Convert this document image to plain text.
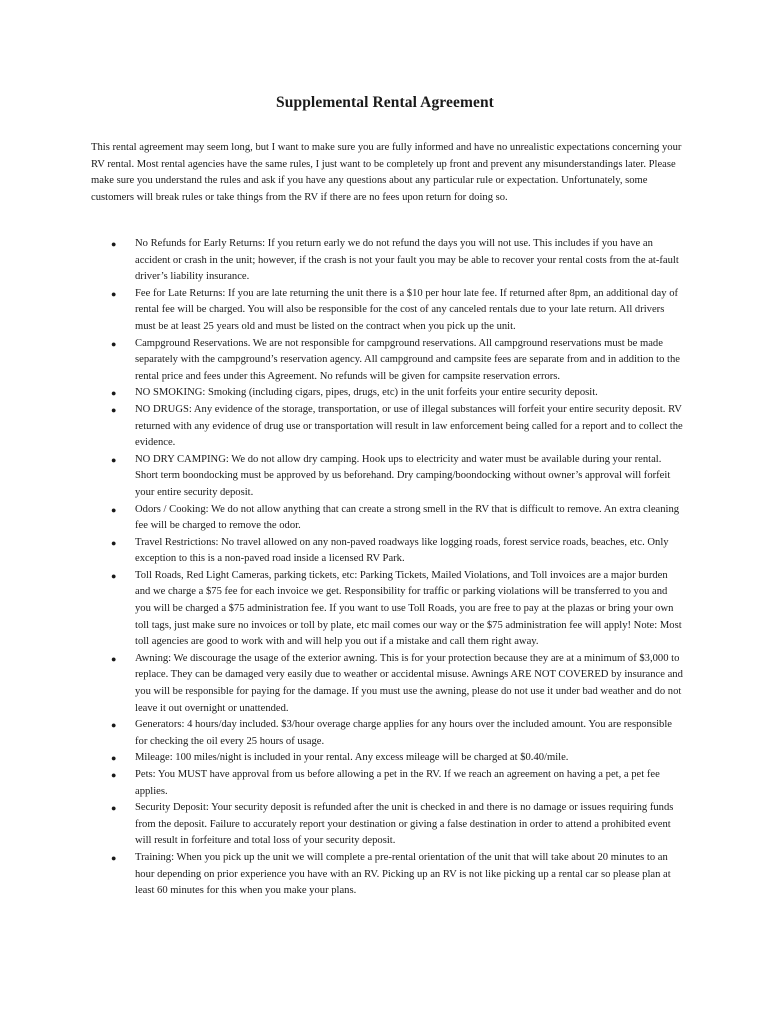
Supplemental Rental Agreement

This rental agreement may seem long, but I want to make sure you are fully informed and have no unrealistic expectations concerning your RV rental. Most rental agencies have the same rules, I just want to be completely up front and prevent any misunderstandings later. Please make sure you understand the rules and ask if you have any questions about any particular rule or expectation. Unfortunately, some customers will break rules or take things from the RV if there are no fees upon return for doing so.

●	No Refunds for Early Returns: If you return early we do not refund the days you will not use. This includes if you have an accident or crash in the unit; however, if the crash is not your fault you may be able to recover your rental costs from the at-fault driver’s liability insurance.
●	Fee for Late Returns: If you are late returning the unit there is a $10 per hour late fee. If returned after 8pm, an additional day of rental fee will be charged. You will also be responsible for the cost of any canceled rentals due to your late return. All drivers must be at least 25 years old and must be listed on the contract when you pick up the unit.
●	Campground Reservations. We are not responsible for campground reservations. All campground reservations must be made separately with the campground’s reservation agency. All campground and campsite fees are separate from and in addition to the rental price and fees under this Agreement. No refunds will be given for campsite reservation errors.
●	NO SMOKING: Smoking (including cigars, pipes, drugs, etc) in the unit forfeits your entire security deposit.
●	NO DRUGS: Any evidence of the storage, transportation, or use of illegal substances will forfeit your entire security deposit. RV returned with any evidence of drug use or transportation will result in law enforcement being called for a report and to collect the evidence.
●	NO DRY CAMPING: We do not allow dry camping. Hook ups to electricity and water must be available during your rental. Short term boondocking must be approved by us beforehand. Dry camping/boondocking without owner’s approval will forfeit your entire security deposit.
●	Odors / Cooking: We do not allow anything that can create a strong smell in the RV that is difficult to remove. An extra cleaning fee will be charged to remove the odor.
●	Travel Restrictions: No travel allowed on any non-paved roadways like logging roads, forest service roads, beaches, etc. Only exception to this is a non-paved road inside a licensed RV Park.
●	Toll Roads, Red Light Cameras, parking tickets, etc: Parking Tickets, Mailed Violations, and Toll invoices are a major burden and we charge a $75 fee for each invoice we get. Responsibility for traffic or parking violations will be transferred to you and you will be charged a $75 administration fee. If you want to use Toll Roads, you are free to pay at the plazas or bring your own toll tags, just make sure no invoices or toll by plate, etc mail comes our way or the $75 administration fee will apply! Note: Most toll agencies are good to work with and will help you out if a mistake and call them right away.
●	Awning: We discourage the usage of the exterior awning. This is for your protection because they are at a minimum of $3,000 to replace. They can be damaged very easily due to weather or accidental misuse. Awnings ARE NOT COVERED by insurance and you will be responsible for paying for the damage. If you must use the awning, please do not use it under bad weather and do not leave it out overnight or unattended.
●	Generators: 4 hours/day included. $3/hour overage charge applies for any hours over the included amount. You are responsible for checking the oil every 25 hours of usage.
●	Mileage: 100 miles/night is included in your rental. Any excess mileage will be charged at $0.40/mile.
●	Pets: You MUST have approval from us before allowing a pet in the RV. If we reach an agreement on having a pet, a pet fee applies.
●	Security Deposit: Your security deposit is refunded after the unit is checked in and there is no damage or issues requiring funds from the deposit. Failure to accurately report your destination or giving a false destination in order to attend a prohibited event will result in forfeiture and total loss of your security deposit.
●	Training: When you pick up the unit we will complete a pre-rental orientation of the unit that will take about 20 minutes to an hour depending on prior experience you have with an RV. Picking up an RV is not like picking up a rental car so please plan at least 60 minutes for this when you make your plans.
